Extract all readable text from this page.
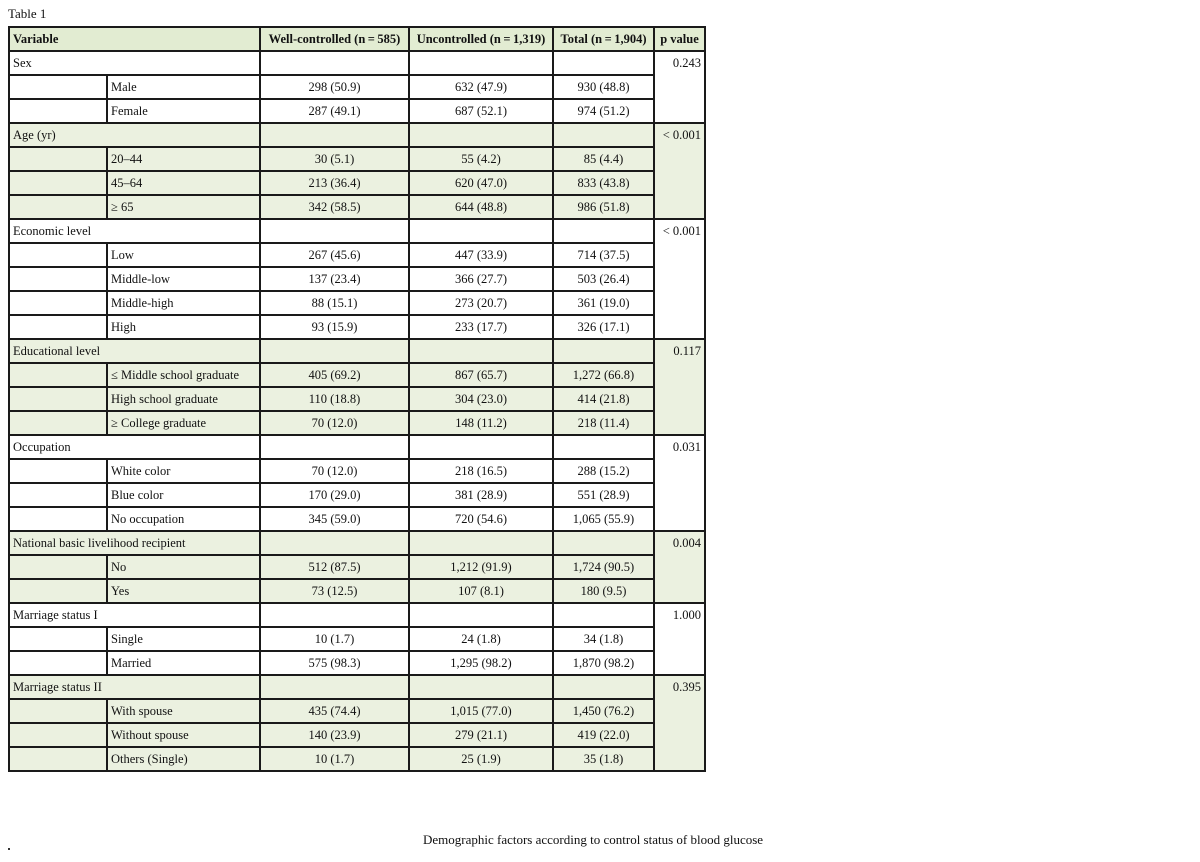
Table 1
Variable		Well-controlled (n = 585)	Uncontrolled (n = 1,319)	Total (n = 1,904)	p value
Sex					0.243
	Male	298 (50.9)	632 (47.9)	930 (48.8)	
	Female	287 (49.1)	687 (52.1)	974 (51.2)	
Age (yr)					< 0.001
	20–44	30 (5.1)	55 (4.2)	85 (4.4)	
	45–64	213 (36.4)	620 (47.0)	833 (43.8)	
	≥ 65	342 (58.5)	644 (48.8)	986 (51.8)	
Economic level					< 0.001
	Low	267 (45.6)	447 (33.9)	714 (37.5)	
	Middle-low	137 (23.4)	366 (27.7)	503 (26.4)	
	Middle-high	88 (15.1)	273 (20.7)	361 (19.0)	
	High	93 (15.9)	233 (17.7)	326 (17.1)	
Educational level					0.117
	≤ Middle school graduate	405 (69.2)	867 (65.7)	1,272 (66.8)	
	High school graduate	110 (18.8)	304 (23.0)	414 (21.8)	
	≥ College graduate	70 (12.0)	148 (11.2)	218 (11.4)	
Occupation					0.031
	White color	70 (12.0)	218 (16.5)	288 (15.2)	
	Blue color	170 (29.0)	381 (28.9)	551 (28.9)	
	No occupation	345 (59.0)	720 (54.6)	1,065 (55.9)	
National basic livelihood recipient					0.004
	No	512 (87.5)	1,212 (91.9)	1,724 (90.5)	
	Yes	73 (12.5)	107 (8.1)	180 (9.5)	
Marriage status I					1.000
	Single	10 (1.7)	24 (1.8)	34 (1.8)	
	Married	575 (98.3)	1,295 (98.2)	1,870 (98.2)	
Marriage status II					0.395
	With spouse	435 (74.4)	1,015 (77.0)	1,450 (76.2)	
	Without spouse	140 (23.9)	279 (21.1)	419 (22.0)	
	Others (Single)	10 (1.7)	25 (1.9)	35 (1.8)	
Demographic factors according to control status of blood glucose
